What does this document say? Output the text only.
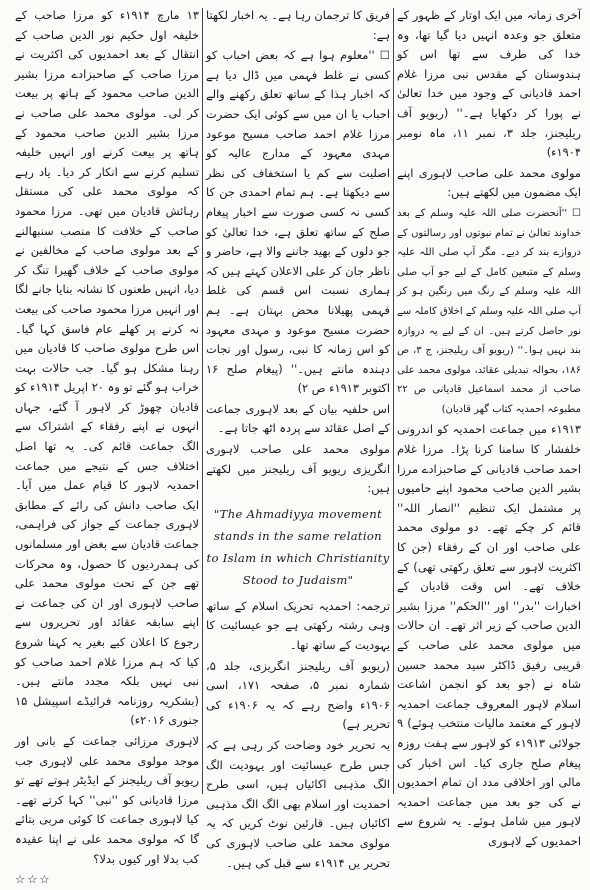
آخری زمانہ میں ایک اوتار کے ظہور کے متعلق جو وعدہ انہیں دیا گیا تھا، وہ خدا کی طرف سے تھا اس کو ہندوستان کے مقدس نبی مرزا غلام احمد قادیانی کے وجود میں خدا تعالیٰ نے پورا کر دکھایا ہے۔'' (ریویو آف ریلیجنز، جلد ۳، نمبر ۱۱، ماہ نومبر ۱۹۰۴ء)

مولوی محمد علی صاحب لاہوری اپنے ایک مضمون میں لکھتے ہیں:

☐ ''آنحضرت صلی اللہ علیہ وسلم کے بعد خداوند تعالیٰ نے تمام نبوتوں اور رسالتوں کے دروازے بند کر دیے۔ مگر آپ صلی اللہ علیہ وسلم کے متبعین کامل کے لیے جو آپ صلی اللہ علیہ وسلم کے رنگ میں رنگین ہو کر آپ صلی اللہ علیہ وسلم کے اخلاق کاملہ سے نور حاصل کرتے ہیں۔ ان کے لیے یہ دروازہ بند نہیں ہوا۔'' (ریویو آف ریلیجنز، ج ۳، ص ۱۸۶، بحوالہ تبدیلی عقائد، مولوی محمد علی صاحب از محمد اسماعیل قادیانی ص ۲۲ مطبوعہ احمدیہ کتاب گھر قادیان)

۱۹۱۳ء میں جماعت احمدیہ کو اندرونی خلفشار کا سامنا کرنا پڑا۔ مرزا غلام احمد صاحب قادیانی کے صاحبزادے مرزا بشیر الدین صاحب محمود اپنے حامیوں پر مشتمل ایک تنظیم ''انصار اللہ'' قائم کر چکے تھے۔ دو مولوی محمد علی صاحب اور ان کے رفقاء (جن کا اکثریت لاہور سے تعلق رکھتی تھی) کے خلاف تھے۔ اس وقت قادیان کے اخبارات ''بدر'' اور ''الحکم'' مرزا بشیر الدین صاحب کے زیر اثر تھے۔ ان حالات میں مولوی محمد علی صاحب کے قریبی رفیق ڈاکٹر سید محمد حسین شاہ نے (جو بعد کو انجمن اشاعت اسلام لاہور المعروف جماعت احمدیہ لاہور کے معتمد مالیات منتخب ہوئے) ۹ جولائی ۱۹۱۳ء کو لاہور سے ہفت روزہ پیغام صلح جاری کیا۔ اس اخبار کی مالی اور اخلاقی مدد ان تمام احمدیوں نے کی جو بعد میں جماعت احمدیہ لاہور میں شامل ہوئے۔ یہ شروع سے احمدیوں کے لاہوری

فریق کا ترجمان رہا ہے۔ یہ اخبار لکھتا ہے:

☐ ''معلوم ہوا ہے کہ بعض احباب کو کسی نے غلط فہمی میں ڈال دیا ہے کہ اخبار ہذا کے ساتھ تعلق رکھنے والے احباب یا ان میں سے کوئی ایک حضرت مرزا غلام احمد صاحب مسیح موعود مہدی معہود کے مدارج عالیہ کو اصلیت سے کم یا استخفاف کی نظر سے دیکھتا ہے۔ ہم تمام احمدی جن کا کسی نہ کسی صورت سے اخبار پیغام صلح کے ساتھ تعلق ہے، خدا تعالیٰ کو جو دلوں کے بھید جاننے والا ہے، حاضر و ناظر جان کر علی الاعلان کہتے ہیں کہ ہماری نسبت اس قسم کی غلط فہمی پھیلانا محض بہتان ہے۔ ہم حضرت مسیح موعود و مہدی معہود کو اس زمانہ کا نبی، رسول اور نجات دہندہ مانتے ہیں۔'' (پیغام صلح ۱۶ اکتوبر ۱۹۱۳ء ص ۲)

اس حلفیہ بیان کے بعد لاہوری جماعت کے اصل عقائد سے پردہ اٹھ جاتا ہے۔

مولوی محمد علی صاحب لاہوری انگریزی ریویو آف ریلیجنز میں لکھتے ہیں:

"The Ahmadiyya movement stands in the same relation to Islam in which Christianity Stood to Judaism"

ترجمہ: احمدیہ تحریک اسلام کے ساتھ وہی رشتہ رکھتی ہے جو عیسائیت کا یہودیت کے ساتھ تھا۔

(ریویو آف ریلیجنز انگریزی، جلد ۵، شمارہ نمبر ۵، صفحہ ۱۷۱، اسی ۱۹۰۶ء واضح رہے کہ یہ ۱۹۰۶ء کی تحریر ہے)

یہ تحریر خود وضاحت کر رہی ہے کہ جس طرح عیسائیت اور یہودیت الگ الگ مذہبی اکائیاں ہیں، اسی طرح احمدیت اور اسلام بھی الگ الگ مذہبی اکائیاں ہیں۔ قارئین نوٹ کریں کہ یہ مولوی محمد علی صاحب لاہوری کی تحریر یں ۱۹۱۴ء سے قبل کی ہیں۔

۱۳ مارچ ۱۹۱۴ء کو مرزا صاحب کے خلیفہ اول حکیم نور الدین صاحب کے انتقال کے بعد احمدیوں کی اکثریت نے مرزا صاحب کے صاحبزادے مرزا بشیر الدین صاحب محمود کے ہاتھ پر بیعت کر لی۔ مولوی محمد علی صاحب نے مرزا بشیر الدین صاحب محمود کے ہاتھ پر بیعت کرنے اور انہیں خلیفہ تسلیم کرنے سے انکار کر دیا۔ یاد رہے کہ مولوی محمد علی کی مستقل رہائش قادیان میں تھی۔ مرزا محمود صاحب کے خلافت کا منصب سنبھالنے کے بعد مولوی صاحب کے مخالفین نے مولوی صاحب کے خلاف گھیرا تنگ کر دیا، انہیں طعنوں کا نشانہ بنایا جانے لگا اور انہیں مرزا محمود صاحب کی بیعت نہ کرنے پر کھلے عام فاسق کہا گیا۔ اس طرح مولوی صاحب کا قادیان میں رہنا مشکل ہو گیا۔ جب حالات بہت خراب ہو گئے تو وہ ۲۰ اپریل ۱۹۱۴ء کو قادیان چھوڑ کر لاہور آ گئے، جہاں انہوں نے اپنے رفقاء کے اشتراک سے الگ جماعت قائم کی۔ یہ تھا اصل اختلاف جس کے نتیجے میں جماعت احمدیہ لاہور کا قیام عمل میں آیا۔ ایک صاحب دانش کی رائے کے مطابق لاہوری جماعت کے جواز کی فراہمی، جماعت قادیان سے بغض اور مسلمانوں کی ہمدردیوں کا حصول، وہ محرکات تھے جن کے تحت مولوی محمد علی صاحب لاہوری اور ان کی جماعت نے اپنے سابقہ عقائد اور تحریروں سے رجوع کا اعلان کیے بغیر یہ کہنا شروع کیا کہ ہم مرزا غلام احمد صاحب کو نبی نہیں بلکہ مجدد مانتے ہیں۔ (بشکریہ روزنامہ فرائیڈے اسپیشل ۱۵ جنوری ۲۰۱۶ء)

لاہوری مرزائی جماعت کے بانی اور موجد مولوی محمد علی لاہوری جب ریویو آف ریلیجنز کے ایڈیٹر ہوتے تھے تو مرزا قادیانی کو ''نبی'' کہا کرتے تھے۔ کیا لاہوری جماعت کا کوئی مربی بتائے گا کہ مولوی محمد علی نے اپنا عقیدہ کب بدلا اور کیوں بدلا؟

☆☆☆
